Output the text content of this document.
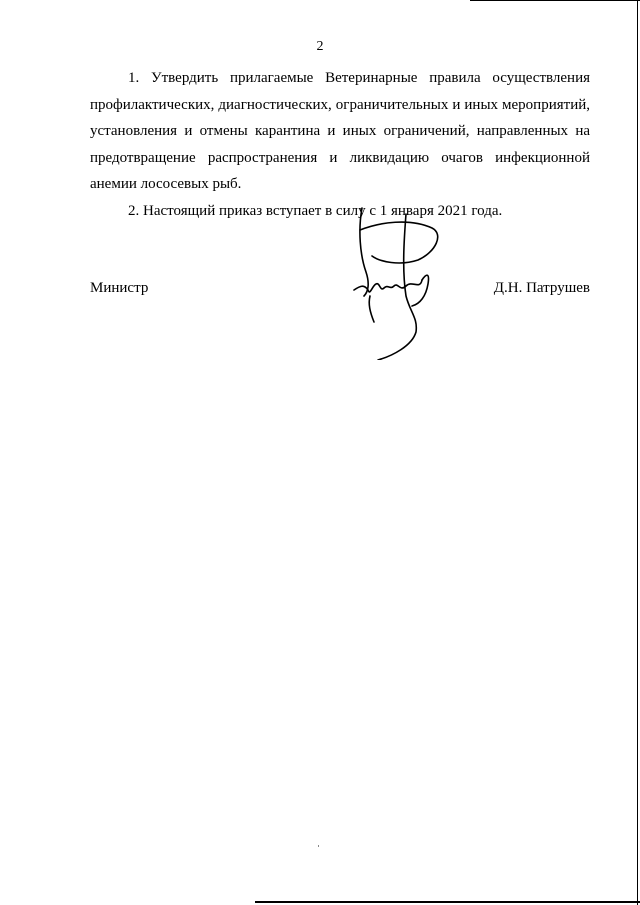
2

1. Утвердить прилагаемые Ветеринарные правила осуществления профилактических, диагностических, ограничительных и иных мероприятий, установления и отмены карантина и иных ограничений, направленных на предотвращение распространения и ликвидацию очагов инфекционной анемии лососевых рыб.

2. Настоящий приказ вступает в силу с 1 января 2021 года.

Министр	Д.Н. Патрушев
